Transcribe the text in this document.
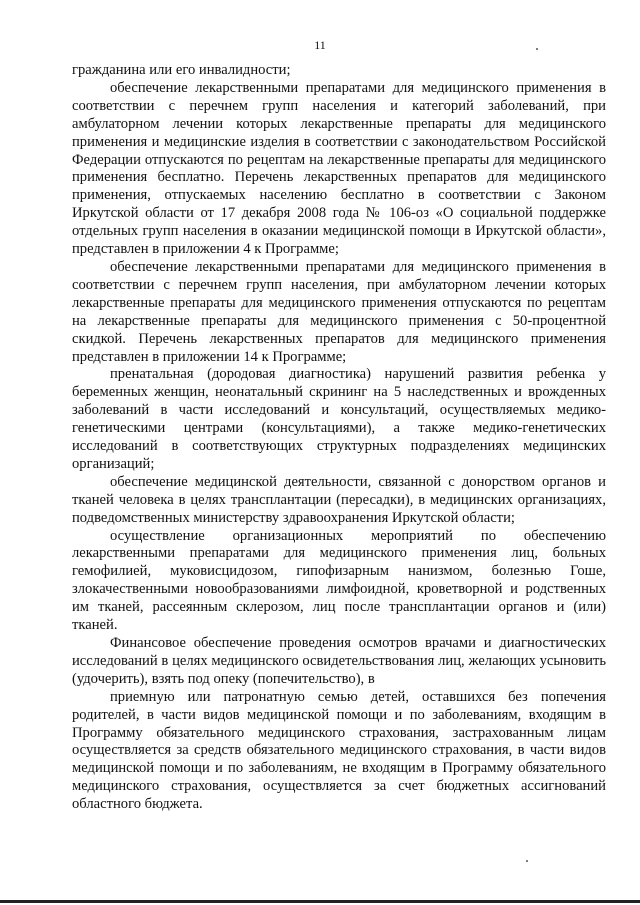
11

гражданина или его инвалидности;

обеспечение лекарственными препаратами для медицинского применения в соответствии с перечнем групп населения и категорий заболеваний, при амбулаторном лечении которых лекарственные препараты для медицинского применения и медицинские изделия в соответствии с законодательством Российской Федерации отпускаются по рецептам на лекарственные препараты для медицинского применения бесплатно. Перечень лекарственных препаратов для медицинского применения, отпускаемых населению бесплатно в соответствии с Законом Иркутской области от 17 декабря 2008 года № 106-оз «О социальной поддержке отдельных групп населения в оказании медицинской помощи в Иркутской области», представлен в приложении 4 к Программе;

обеспечение лекарственными препаратами для медицинского применения в соответствии с перечнем групп населения, при амбулаторном лечении которых лекарственные препараты для медицинского применения отпускаются по рецептам на лекарственные препараты для медицинского применения с 50-процентной скидкой. Перечень лекарственных препаратов для медицинского применения представлен в приложении 14 к Программе;

пренатальная (дородовая диагностика) нарушений развития ребенка у беременных женщин, неонатальный скрининг на 5 наследственных и врожденных заболеваний в части исследований и консультаций, осуществляемых медико-генетическими центрами (консультациями), а также медико-генетических исследований в соответствующих структурных подразделениях медицинских организаций;

обеспечение медицинской деятельности, связанной с донорством органов и тканей человека в целях трансплантации (пересадки), в медицинских организациях, подведомственных министерству здравоохранения Иркутской области;

осуществление организационных мероприятий по обеспечению лекарственными препаратами для медицинского применения лиц, больных гемофилией, муковисцидозом, гипофизарным нанизмом, болезнью Гоше, злокачественными новообразованиями лимфоидной, кроветворной и родственных им тканей, рассеянным склерозом, лиц после трансплантации органов и (или) тканей.

Финансовое обеспечение проведения осмотров врачами и диагностических исследований в целях медицинского освидетельствования лиц, желающих усыновить (удочерить), взять под опеку (попечительство), в

приемную или патронатную семью детей, оставшихся без попечения родителей, в части видов медицинской помощи и по заболеваниям, входящим в Программу обязательного медицинского страхования, застрахованным лицам осуществляется за средств обязательного медицинского страхования, в части видов медицинской помощи и по заболеваниям, не входящим в Программу обязательного медицинского страхования, осуществляется за счет бюджетных ассигнований областного бюджета.
